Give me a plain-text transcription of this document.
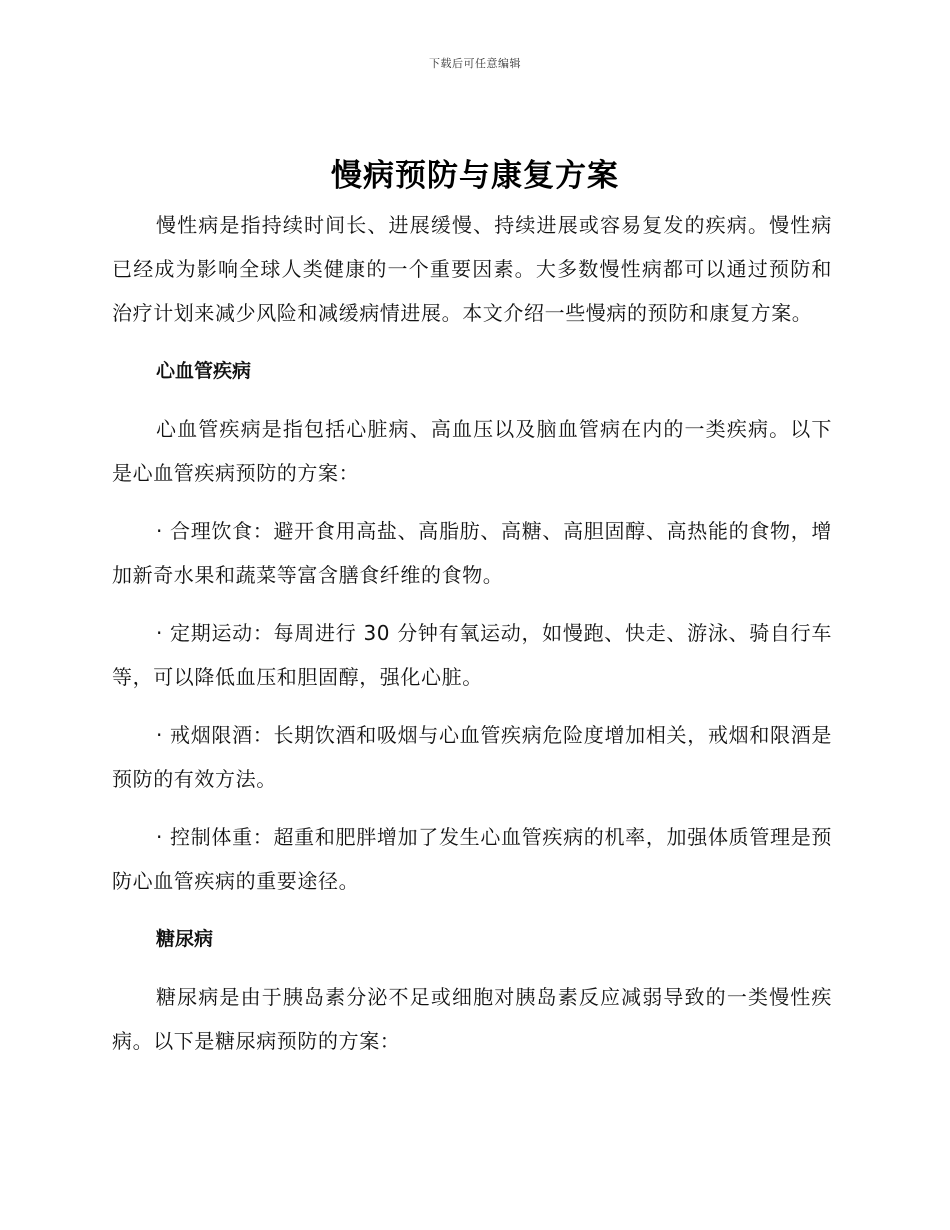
下载后可任意编辑
慢病预防与康复方案

慢性病是指持续时间长、进展缓慢、持续进展或容易复发的疾病。慢性病已经成为影响全球人类健康的一个重要因素。大多数慢性病都可以通过预防和治疗计划来减少风险和减缓病情进展。本文介绍一些慢病的预防和康复方案。

心血管疾病

心血管疾病是指包括心脏病、高血压以及脑血管病在内的一类疾病。以下是心血管疾病预防的方案：

· 合理饮食：避开食用高盐、高脂肪、高糖、高胆固醇、高热能的食物，增加新奇水果和蔬菜等富含膳食纤维的食物。

· 定期运动：每周进行 30 分钟有氧运动，如慢跑、快走、游泳、骑自行车等，可以降低血压和胆固醇，强化心脏。

· 戒烟限酒：长期饮酒和吸烟与心血管疾病危险度增加相关，戒烟和限酒是预防的有效方法。

· 控制体重：超重和肥胖增加了发生心血管疾病的机率，加强体质管理是预防心血管疾病的重要途径。

糖尿病

糖尿病是由于胰岛素分泌不足或细胞对胰岛素反应减弱导致的一类慢性疾病。以下是糖尿病预防的方案：
